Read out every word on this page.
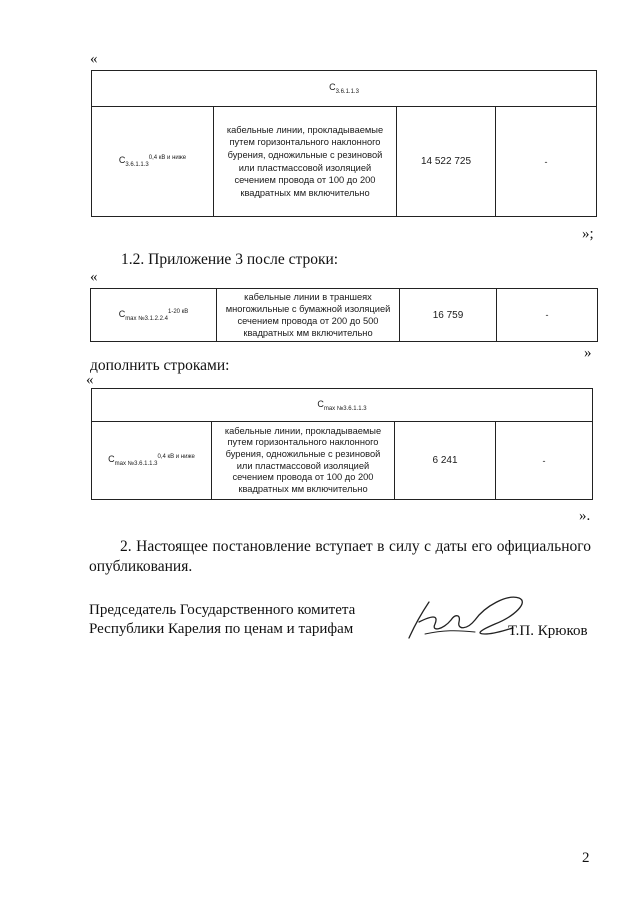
«
$C_{3.6.1.1.3}$
$C_{3.6.1.1.3}^{0,4 кВ и ниже}$	кабельные линии, прокладываемые путем горизонтального наклонного бурения, одножильные с резиновой или пластмассовой изоляцией сечением провода от 100 до 200 квадратных мм включительно	14 522 725	-
»;
1.2. Приложение 3 после строки:
«
$C_{max №3.1.2.2.4}^{1-20 кВ}$	кабельные линии в траншеях многожильные с бумажной изоляцией сечением провода от 200 до 500 квадратных мм включительно	16 759	-
»
дополнить строками:
«
$C_{max №3.6.1.1.3}$
$C_{max №3.6.1.1.3}^{0,4 кВ и ниже}$	кабельные линии, прокладываемые путем горизонтального наклонного бурения, одножильные с резиновой или пластмассовой изоляцией сечением провода от 100 до 200 квадратных мм включительно	6 241	-
».
2. Настоящее постановление вступает в силу с даты его официального опубликования.
Председатель Государственного комитета
Республики Карелия по ценам и тарифам	Т.П. Крюков
2
